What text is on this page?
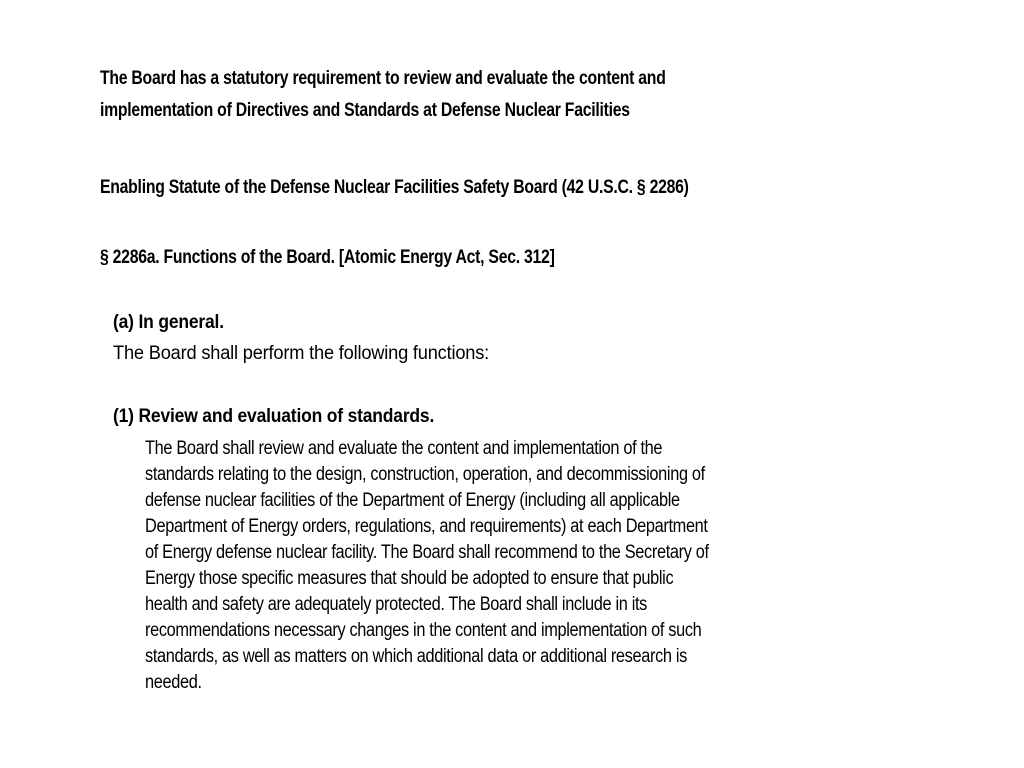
The Board has a statutory requirement to review and evaluate the content and
implementation of Directives and Standards at Defense Nuclear Facilities
Enabling Statute of the Defense Nuclear Facilities Safety Board (42 U.S.C. § 2286)
§ 2286a. Functions of the Board. [Atomic Energy Act, Sec. 312]
(a) In general.
The Board shall perform the following functions:
(1) Review and evaluation of standards.
The Board shall review and evaluate the content and implementation of the
standards relating to the design, construction, operation, and decommissioning of
defense nuclear facilities of the Department of Energy (including all applicable
Department of Energy orders, regulations, and requirements) at each Department
of Energy defense nuclear facility. The Board shall recommend to the Secretary of
Energy those specific measures that should be adopted to ensure that public
health and safety are adequately protected. The Board shall include in its
recommendations necessary changes in the content and implementation of such
standards, as well as matters on which additional data or additional research is
needed.
